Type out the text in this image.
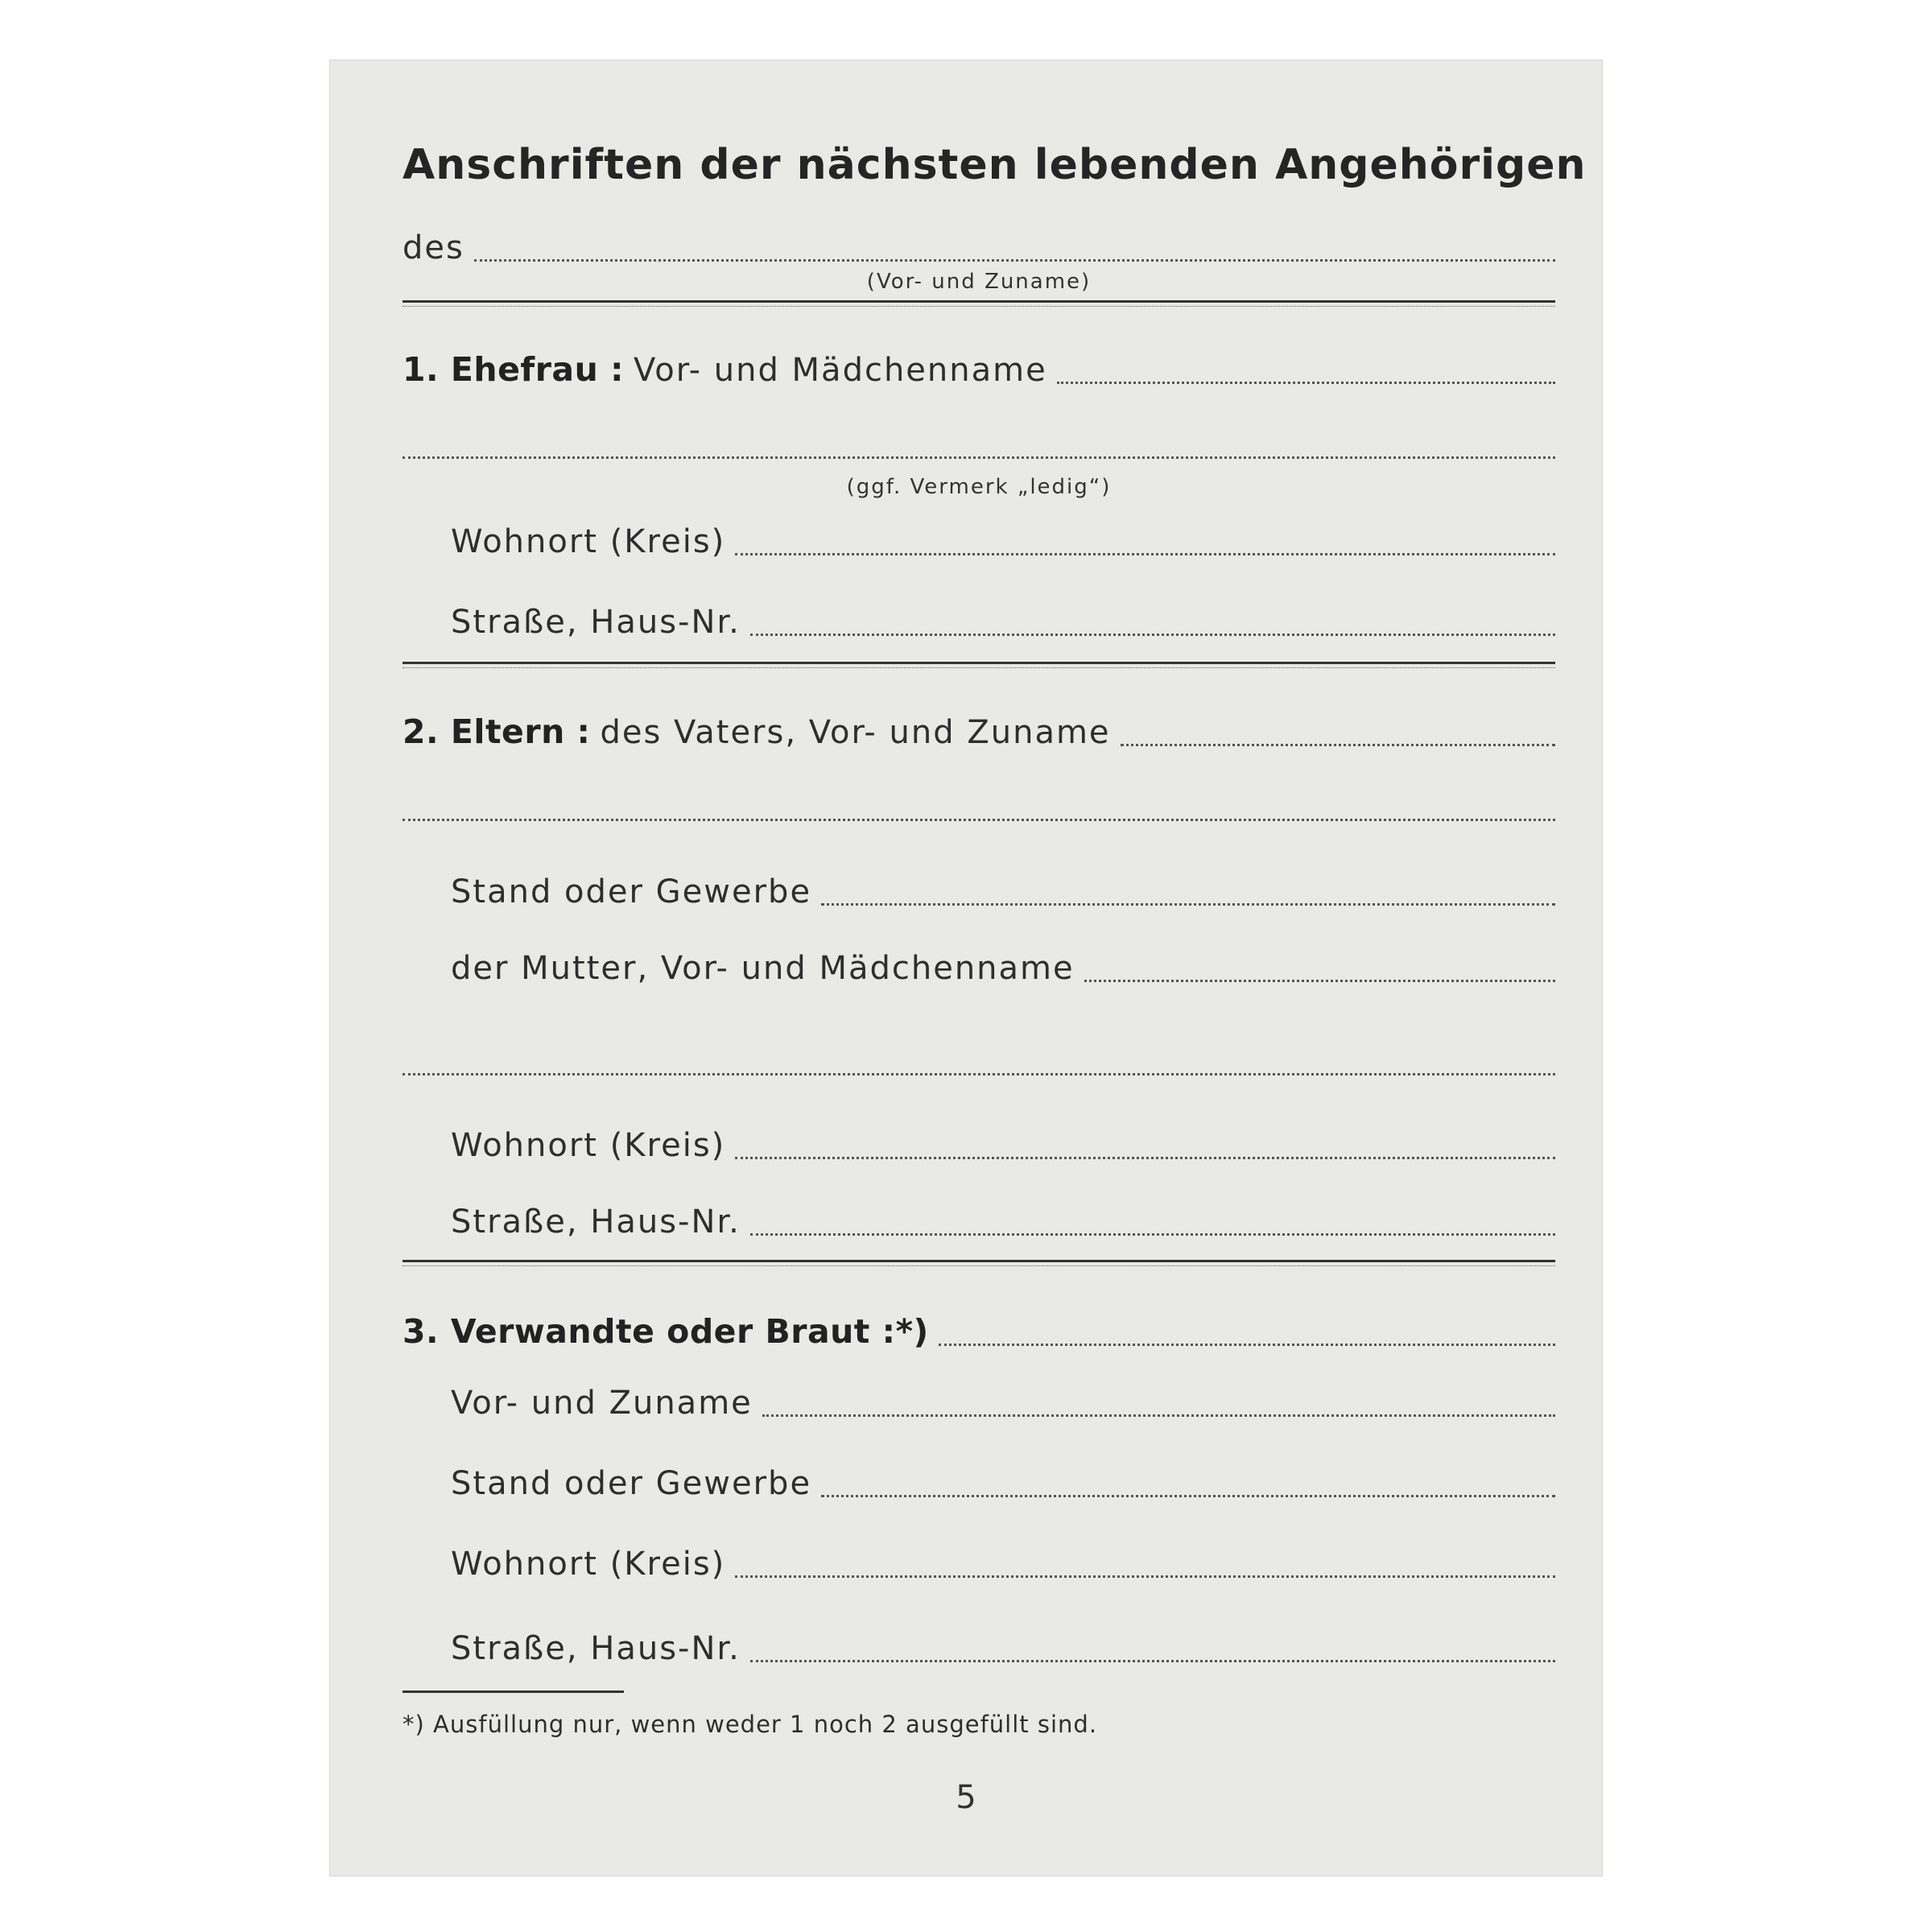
Anschriften der nächsten lebenden Angehörigen
des
(Vor- und Zuname)
1. Ehefrau : Vor- und Mädchenname
(ggf. Vermerk „ledig“)
Wohnort (Kreis)
Straße, Haus-Nr.
2. Eltern : des Vaters, Vor- und Zuname
Stand oder Gewerbe
der Mutter, Vor- und Mädchenname
Wohnort (Kreis)
Straße, Haus-Nr.
3. Verwandte oder Braut :*)
Vor- und Zuname
Stand oder Gewerbe
Wohnort (Kreis)
Straße, Haus-Nr.
*) Ausfüllung nur, wenn weder 1 noch 2 ausgefüllt sind.
5
